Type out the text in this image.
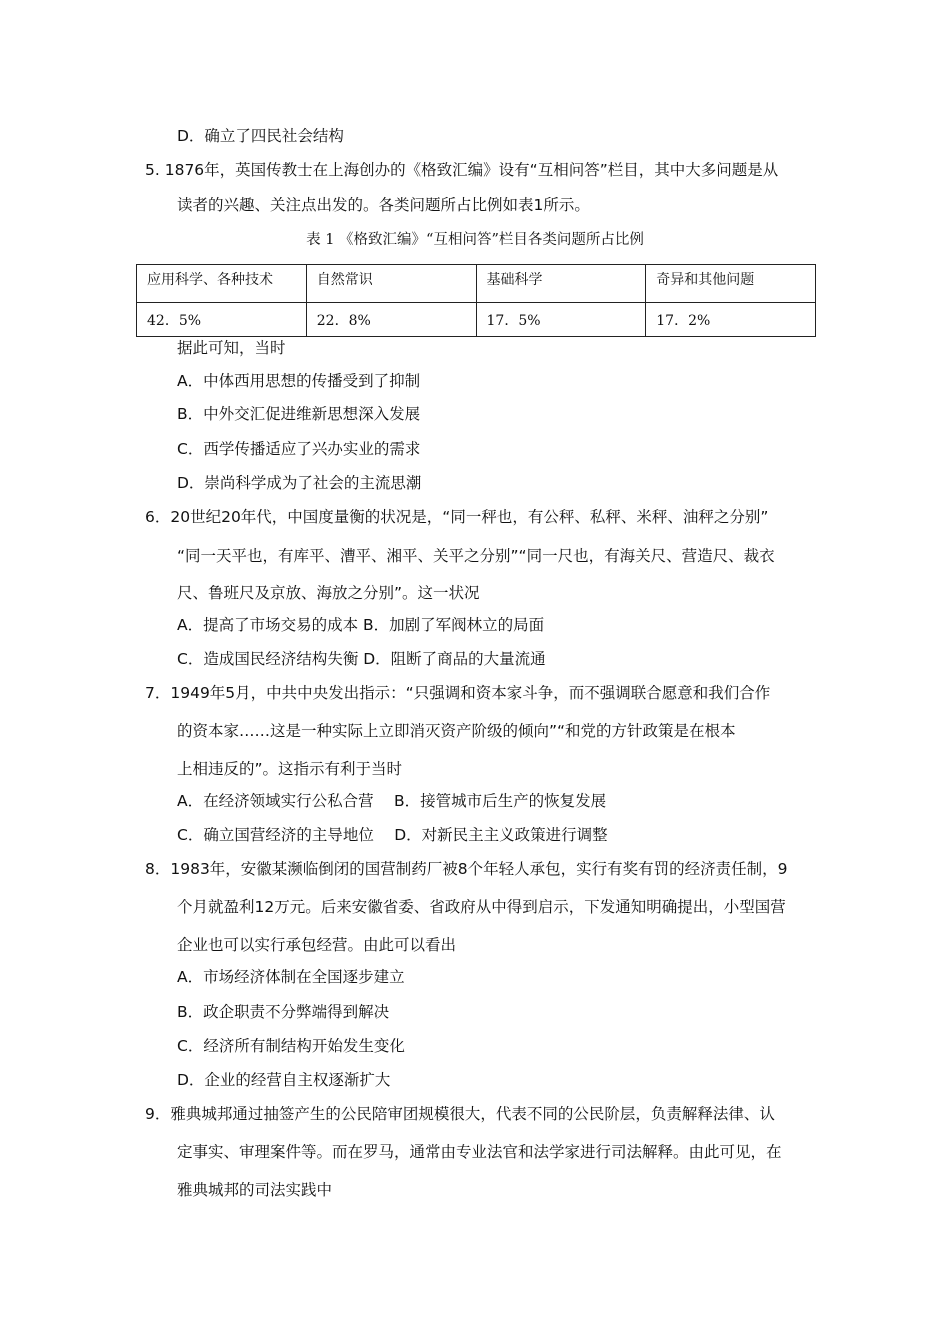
D．确立了四民社会结构
5. 1876年，英国传教士在上海创办的《格致汇编》设有“互相问答”栏目，其中大多问题是从
读者的兴趣、关注点出发的。各类问题所占比例如表1所示。
表 1 《格致汇编》“互相问答”栏目各类问题所占比例
应用科学、各种技术	自然常识	基础科学	奇异和其他问题
42．5%	22．8%	17．5%	17．2%
据此可知，当时
A．中体西用思想的传播受到了抑制
B．中外交汇促进维新思想深入发展
C．西学传播适应了兴办实业的需求
D．崇尚科学成为了社会的主流思潮
6．20世纪20年代，中国度量衡的状况是，“同一秤也，有公秤、私秤、米秤、油秤之分别”
“同一天平也，有库平、漕平、湘平、关平之分别”“同一尺也，有海关尺、营造尺、裁衣
尺、鲁班尺及京放、海放之分别”。这一状况
A．提高了市场交易的成本 B．加剧了军阀林立的局面
C．造成国民经济结构失衡 D．阻断了商品的大量流通
7．1949年5月，中共中央发出指示：“只强调和资本家斗争，而不强调联合愿意和我们合作
的资本家……这是一种实际上立即消灭资产阶级的倾向”“和党的方针政策是在根本
上相违反的”。这指示有利于当时
A．在经济领域实行公私合营　 B．接管城市后生产的恢复发展
C．确立国营经济的主导地位　 D．对新民主主义政策进行调整
8．1983年，安徽某濒临倒闭的国营制药厂被8个年轻人承包，实行有奖有罚的经济责任制，9
个月就盈利12万元。后来安徽省委、省政府从中得到启示，下发通知明确提出，小型国营
企业也可以实行承包经营。由此可以看出
A．市场经济体制在全国逐步建立
B．政企职责不分弊端得到解决
C．经济所有制结构开始发生变化
D．企业的经营自主权逐渐扩大
9．雅典城邦通过抽签产生的公民陪审团规模很大，代表不同的公民阶层，负责解释法律、认
定事实、审理案件等。而在罗马，通常由专业法官和法学家进行司法解释。由此可见，在
雅典城邦的司法实践中
